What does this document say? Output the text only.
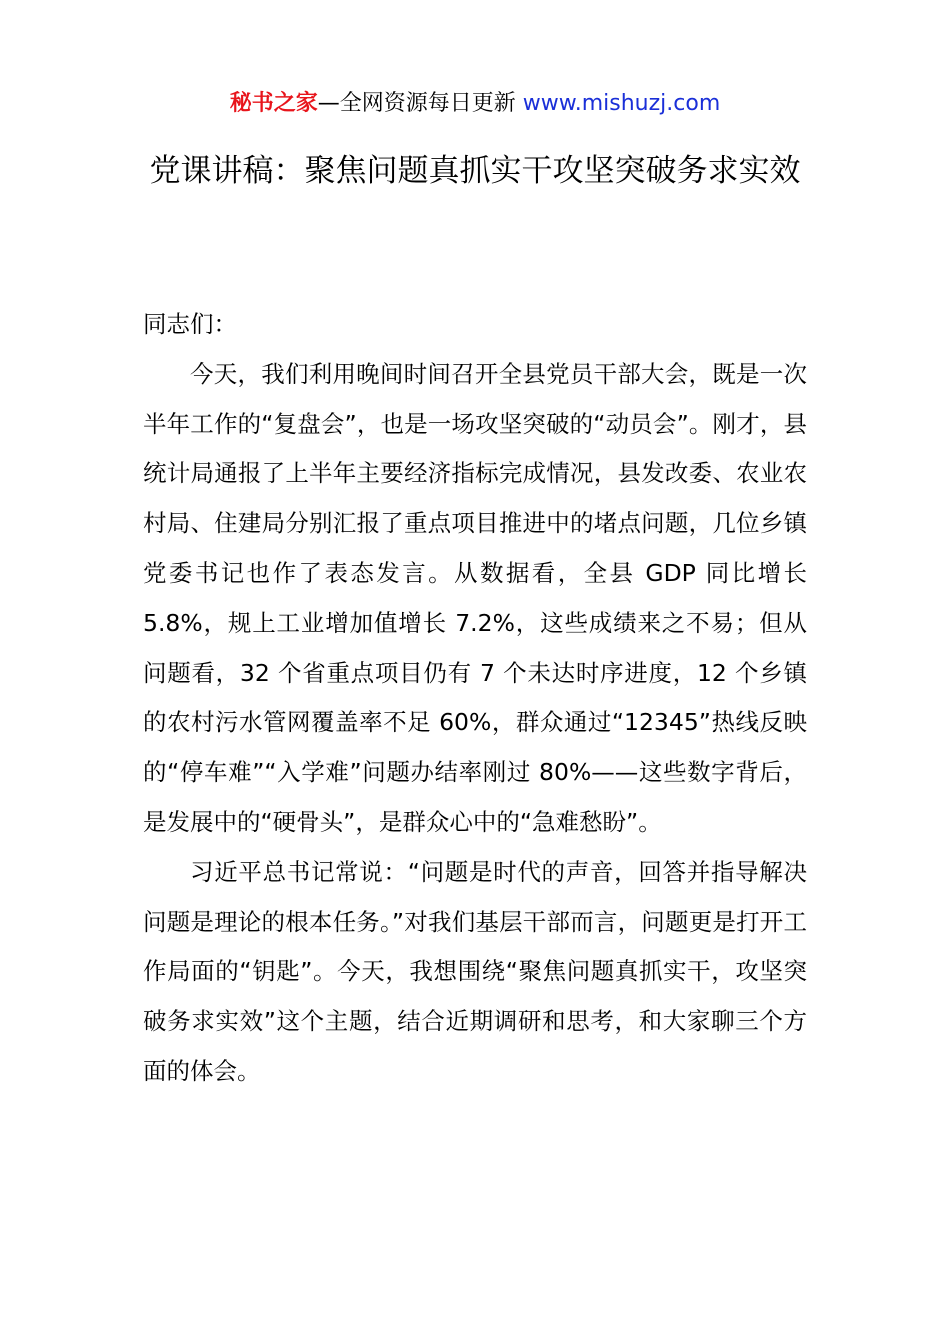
秘书之家—全网资源每日更新 www.mishuzj.com
党课讲稿：聚焦问题真抓实干攻坚突破务求实效

同志们：

今天，我们利用晚间时间召开全县党员干部大会，既是一次半年工作的“复盘会”，也是一场攻坚突破的“动员会”。刚才，县统计局通报了上半年主要经济指标完成情况，县发改委、农业农村局、住建局分别汇报了重点项目推进中的堵点问题，几位乡镇党委书记也作了表态发言。从数据看，全县 GDP 同比增长 5.8%，规上工业增加值增长 7.2%，这些成绩来之不易；但从问题看，32 个省重点项目仍有 7 个未达时序进度，12 个乡镇的农村污水管网覆盖率不足 60%，群众通过“12345”热线反映的“停车难”“入学难”问题办结率刚过 80%——这些数字背后，是发展中的“硬骨头”，是群众心中的“急难愁盼”。

习近平总书记常说：“问题是时代的声音，回答并指导解决问题是理论的根本任务。”对我们基层干部而言，问题更是打开工作局面的“钥匙”。今天，我想围绕“聚焦问题真抓实干，攻坚突破务求实效”这个主题，结合近期调研和思考，和大家聊三个方面的体会。
